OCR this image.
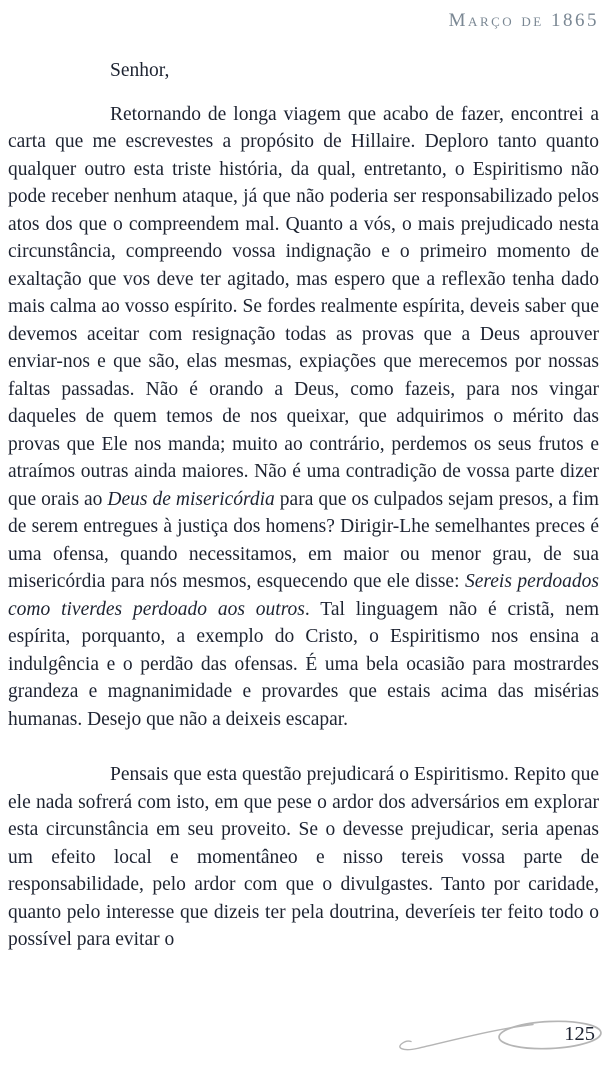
Março de 1865

Senhor,

Retornando de longa viagem que acabo de fazer, encontrei a carta que me escrevestes a propósito de Hillaire. Deploro tanto quanto qualquer outro esta triste história, da qual, entretanto, o Espiritismo não pode receber nenhum ataque, já que não poderia ser responsabilizado pelos atos dos que o compreendem mal. Quanto a vós, o mais prejudicado nesta circunstância, compreendo vossa indignação e o primeiro momento de exaltação que vos deve ter agitado, mas espero que a reflexão tenha dado mais calma ao vosso espírito. Se fordes realmente espírita, deveis saber que devemos aceitar com resignação todas as provas que a Deus aprouver enviar-nos e que são, elas mesmas, expiações que merecemos por nossas faltas passadas. Não é orando a Deus, como fazeis, para nos vingar daqueles de quem temos de nos queixar, que adquirimos o mérito das provas que Ele nos manda; muito ao contrário, perdemos os seus frutos e atraímos outras ainda maiores. Não é uma contradição de vossa parte dizer que orais ao Deus de misericórdia para que os culpados sejam presos, a fim de serem entregues à justiça dos homens? Dirigir-Lhe semelhantes preces é uma ofensa, quando necessitamos, em maior ou menor grau, de sua misericórdia para nós mesmos, esquecendo que ele disse: Sereis perdoados como tiverdes perdoado aos outros. Tal linguagem não é cristã, nem espírita, porquanto, a exemplo do Cristo, o Espiritismo nos ensina a indulgência e o perdão das ofensas. É uma bela ocasião para mostrardes grandeza e magnanimidade e provardes que estais acima das misérias humanas. Desejo que não a deixeis escapar.

Pensais que esta questão prejudicará o Espiritismo. Repito que ele nada sofrerá com isto, em que pese o ardor dos adversários em explorar esta circunstância em seu proveito. Se o devesse prejudicar, seria apenas um efeito local e momentâneo e nisso tereis vossa parte de responsabilidade, pelo ardor com que o divulgastes. Tanto por caridade, quanto pelo interesse que dizeis ter pela doutrina, deveríeis ter feito todo o possível para evitar o

125
